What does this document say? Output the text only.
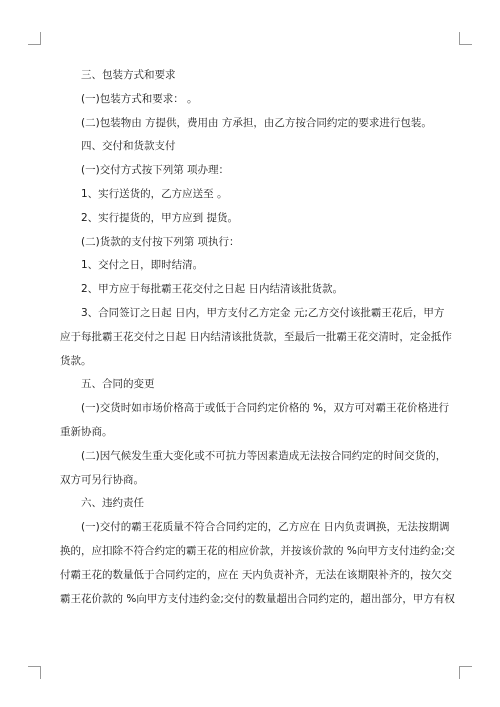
三、包装方式和要求

(一)包装方式和要求： 。

(二)包装物由 方提供，费用由 方承担，由乙方按合同约定的要求进行包装。

四、交付和货款支付

(一)交付方式按下列第 项办理：

1、实行送货的，乙方应送至 。

2、实行提货的，甲方应到 提货。

(二)货款的支付按下列第 项执行：

1、交付之日，即时结清。

2、甲方应于每批霸王花交付之日起 日内结清该批货款。

3、合同签订之日起 日内，甲方支付乙方定金 元;乙方交付该批霸王花后，甲方

应于每批霸王花交付之日起 日内结清该批货款，至最后一批霸王花交清时，定金抵作

货款。

五、合同的变更

(一)交货时如市场价格高于或低于合同约定价格的 %，双方可对霸王花价格进行

重新协商。

(二)因气候发生重大变化或不可抗力等因素造成无法按合同约定的时间交货的，

双方可另行协商。

六、违约责任

(一)交付的霸王花质量不符合合同约定的，乙方应在 日内负责调换，无法按期调

换的，应扣除不符合约定的霸王花的相应价款，并按该价款的 %向甲方支付违约金;交

付霸王花的数量低于合同约定的，应在 天内负责补齐，无法在该期限补齐的，按欠交

霸王花价款的 %向甲方支付违约金;交付的数量超出合同约定的，超出部分，甲方有权
